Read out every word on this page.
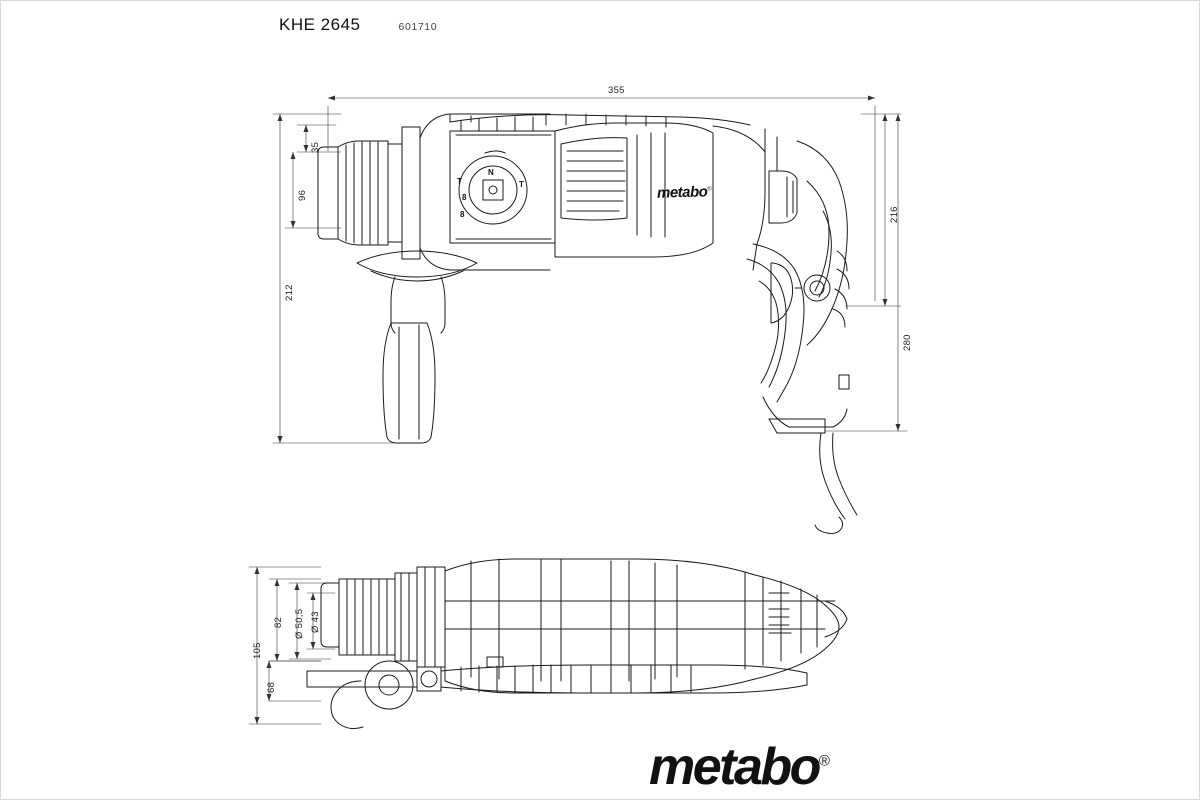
KHE 2645	601710
35
96
212
355
216
280
105
82
68
Ø 50,5 Ø 43
T
N
T
8
8
metabo®
metabo®
